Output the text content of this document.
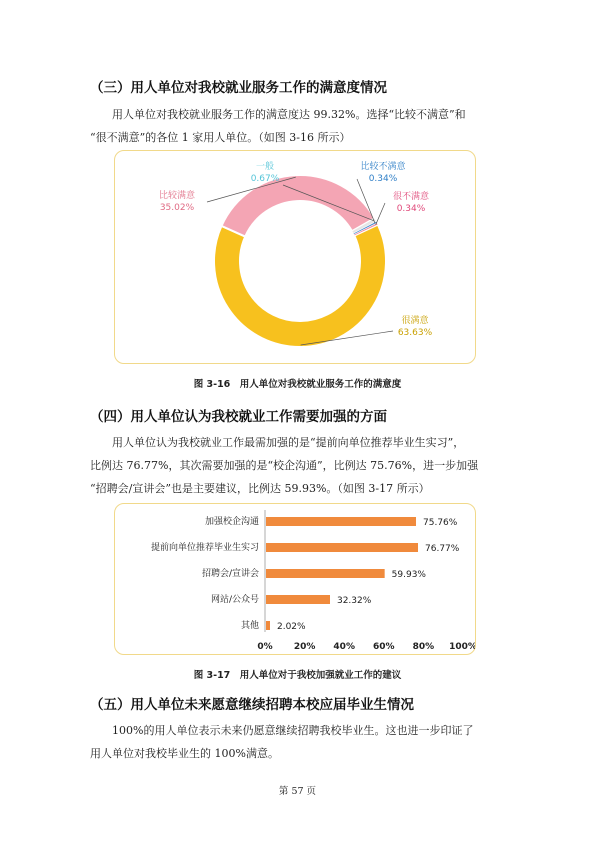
（三）用人单位对我校就业服务工作的满意度情况
用人单位对我校就业服务工作的满意度达 99.32%。选择“比较不满意”和
“很不满意”的各位 1 家用人单位。（如图 3-16 所示）
很满意
63.63%
比较满意
35.02%
一般
0.67%
比较不满意
0.34%
很不满意
0.34%
图 3-16　用人单位对我校就业服务工作的满意度
（四）用人单位认为我校就业工作需要加强的方面
用人单位认为我校就业工作最需加强的是“提前向单位推荐毕业生实习”，
比例达 76.77%，其次需要加强的是“校企沟通”，比例达 75.76%，进一步加强
“招聘会/宣讲会”也是主要建议，比例达 59.93%。（如图 3-17 所示）
加强校企沟通	75.76%
提前向单位推荐毕业生实习	76.77%
招聘会/宣讲会	59.93%
网站/公众号	32.32%
其他 2.02%
0% 20% 40% 60% 80% 100%
图 3-17　用人单位对于我校加强就业工作的建议
（五）用人单位未来愿意继续招聘本校应届毕业生情况
100%的用人单位表示未来仍愿意继续招聘我校毕业生。这也进一步印证了
用人单位对我校毕业生的 100%满意。
第 57 页
